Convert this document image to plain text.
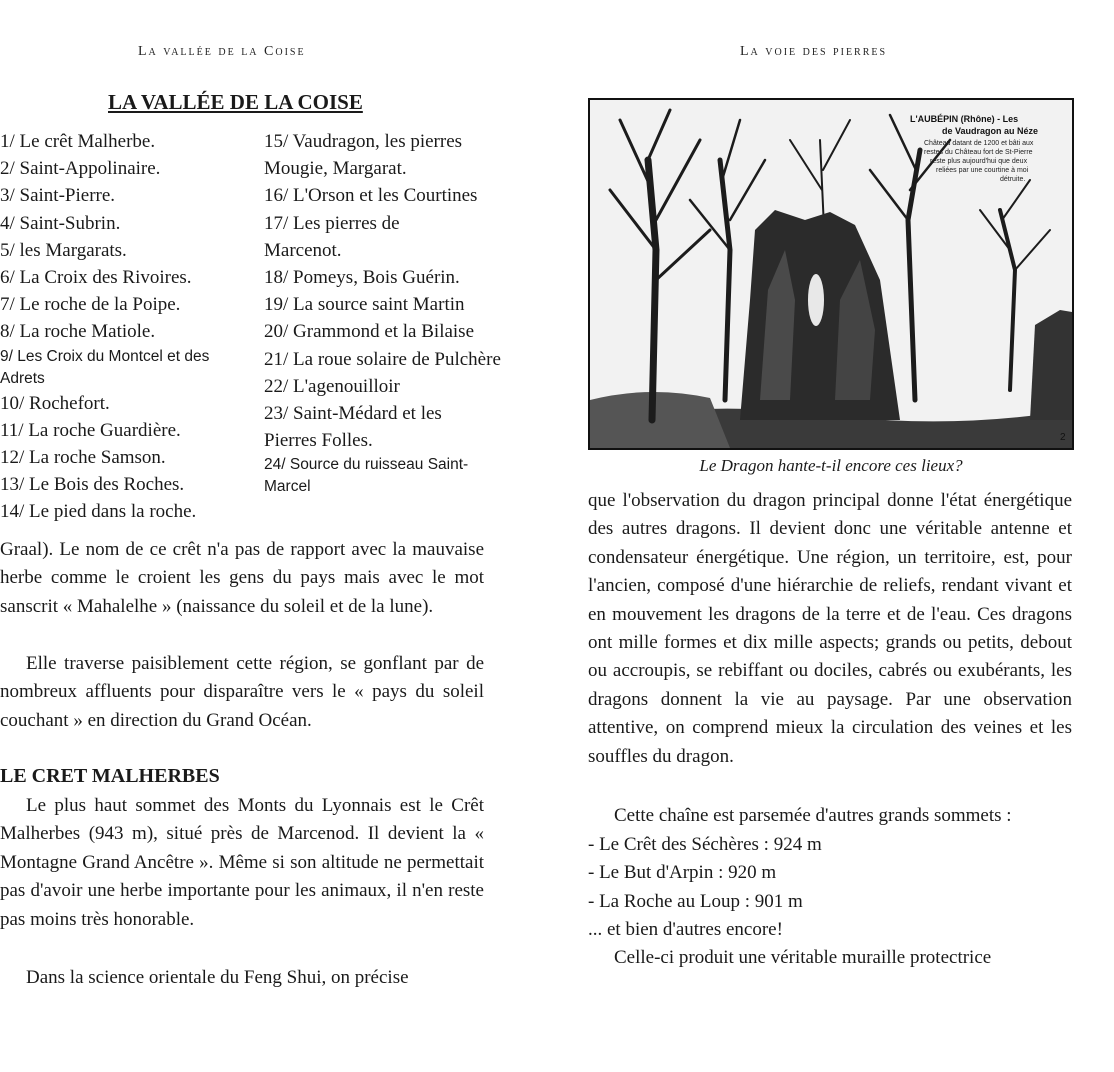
La vallée de la Coise	La voie des pierres
LA VALLÉE DE LA COISE
1/ Le crêt Malherbe.
2/ Saint-Appolinaire.
3/ Saint-Pierre.
4/ Saint-Subrin.
5/ les Margarats.
6/ La Croix des Rivoires.
7/ Le roche de la Poipe.
8/ La roche Matiole.
9/ Les Croix du Montcel et des Adrets
10/ Rochefort.
11/ La roche Guardière.
12/ La roche Samson.
13/ Le Bois des Roches.
14/ Le pied dans la roche.
15/ Vaudragon, les pierres Mougie, Margarat.
16/ L'Orson et les Courtines
17/ Les pierres de Marcenot.
18/ Pomeys, Bois Guérin.
19/ La source saint Martin
20/ Grammond et la Bilaise
21/ La roue solaire de Pulchère
22/ L'agenouilloir
23/ Saint-Médard et les Pierres Folles.
24/ Source du ruisseau Saint-Marcel

Graal). Le nom de ce crêt n'a pas de rapport avec la mauvaise herbe comme le croient les gens du pays mais avec le mot sanscrit « Mahalelhe » (naissance du soleil et de la lune).

Elle traverse paisiblement cette région, se gonflant par de nombreux affluents pour disparaître vers le « pays du soleil couchant » en direction du Grand Océan.

LE CRET MALHERBES

Le plus haut sommet des Monts du Lyonnais est le Crêt Malherbes (943 m), situé près de Marcenod. Il devient la « Montagne Grand Ancêtre ». Même si son altitude ne permettait pas d'avoir une herbe importante pour les animaux, il n'en reste pas moins très honorable.

Dans la science orientale du Feng Shui, on précise

L'AUBÉPIN (Rhône) - Les
de Vaudragon au Néze
Château datant de 1200 et bâti aux
restes du Château fort de St-Pierre
reste plus aujourd'hui que deux
reliées par une courtine à moi
détruite.
2

Le Dragon hante-t-il encore ces lieux?

que l'observation du dragon principal donne l'état énergétique des autres dragons. Il devient donc une véritable antenne et condensateur énergétique. Une région, un territoire, est, pour l'ancien, composé d'une hiérarchie de reliefs, rendant vivant et en mouvement les dragons de la terre et de l'eau. Ces dragons ont mille formes et dix mille aspects; grands ou petits, debout ou accroupis, se rebiffant ou dociles, cabrés ou exubérants, les dragons donnent la vie au paysage. Par une observation attentive, on comprend mieux la circulation des veines et les souffles du dragon.

Cette chaîne est parsemée d'autres grands sommets :

- Le Crêt des Séchères : 924 m
- Le But d'Arpin : 920 m
- La Roche au Loup : 901 m

... et bien d'autres encore!

Celle-ci produit une véritable muraille protectrice
